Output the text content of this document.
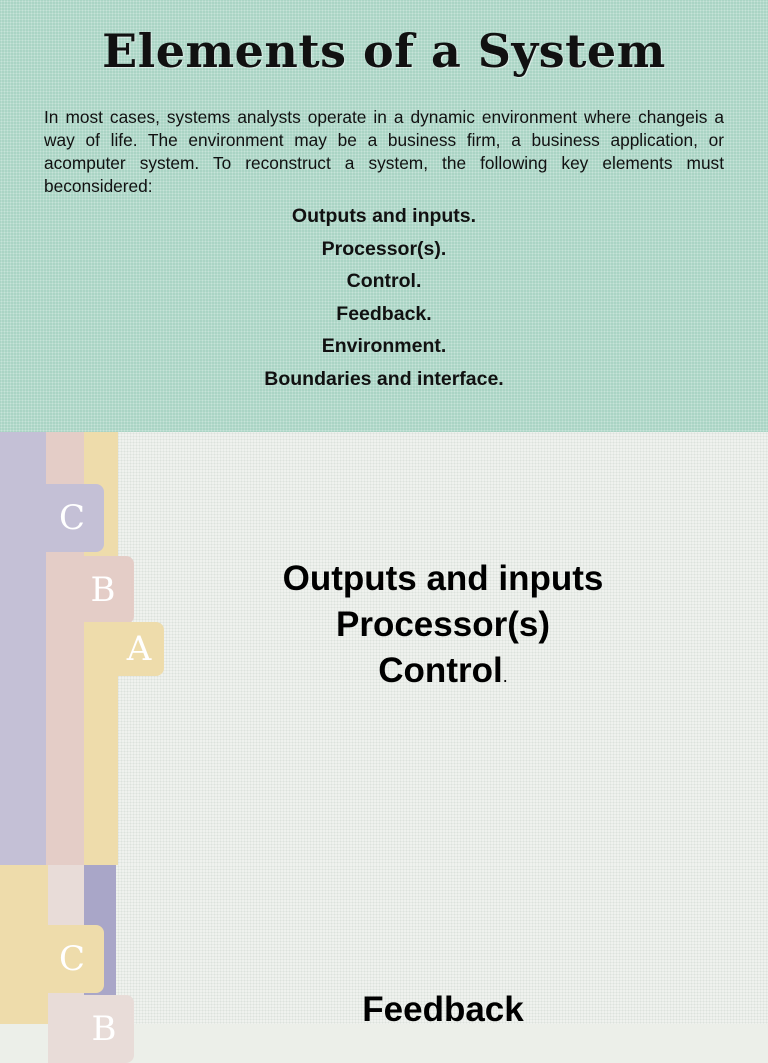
Elements of a System

In most cases, systems analysts operate in a dynamic environment where changeis a way of life. The environment may be a business firm, a business application, or acomputer system. To reconstruct a system, the following key elements must beconsidered:

Outputs and inputs.
Processor(s).
Control.
Feedback.
Environment.
Boundaries and interface.
C
B
A
Outputs and inputs
Processor(s)
Control.
C
B	Feedback
